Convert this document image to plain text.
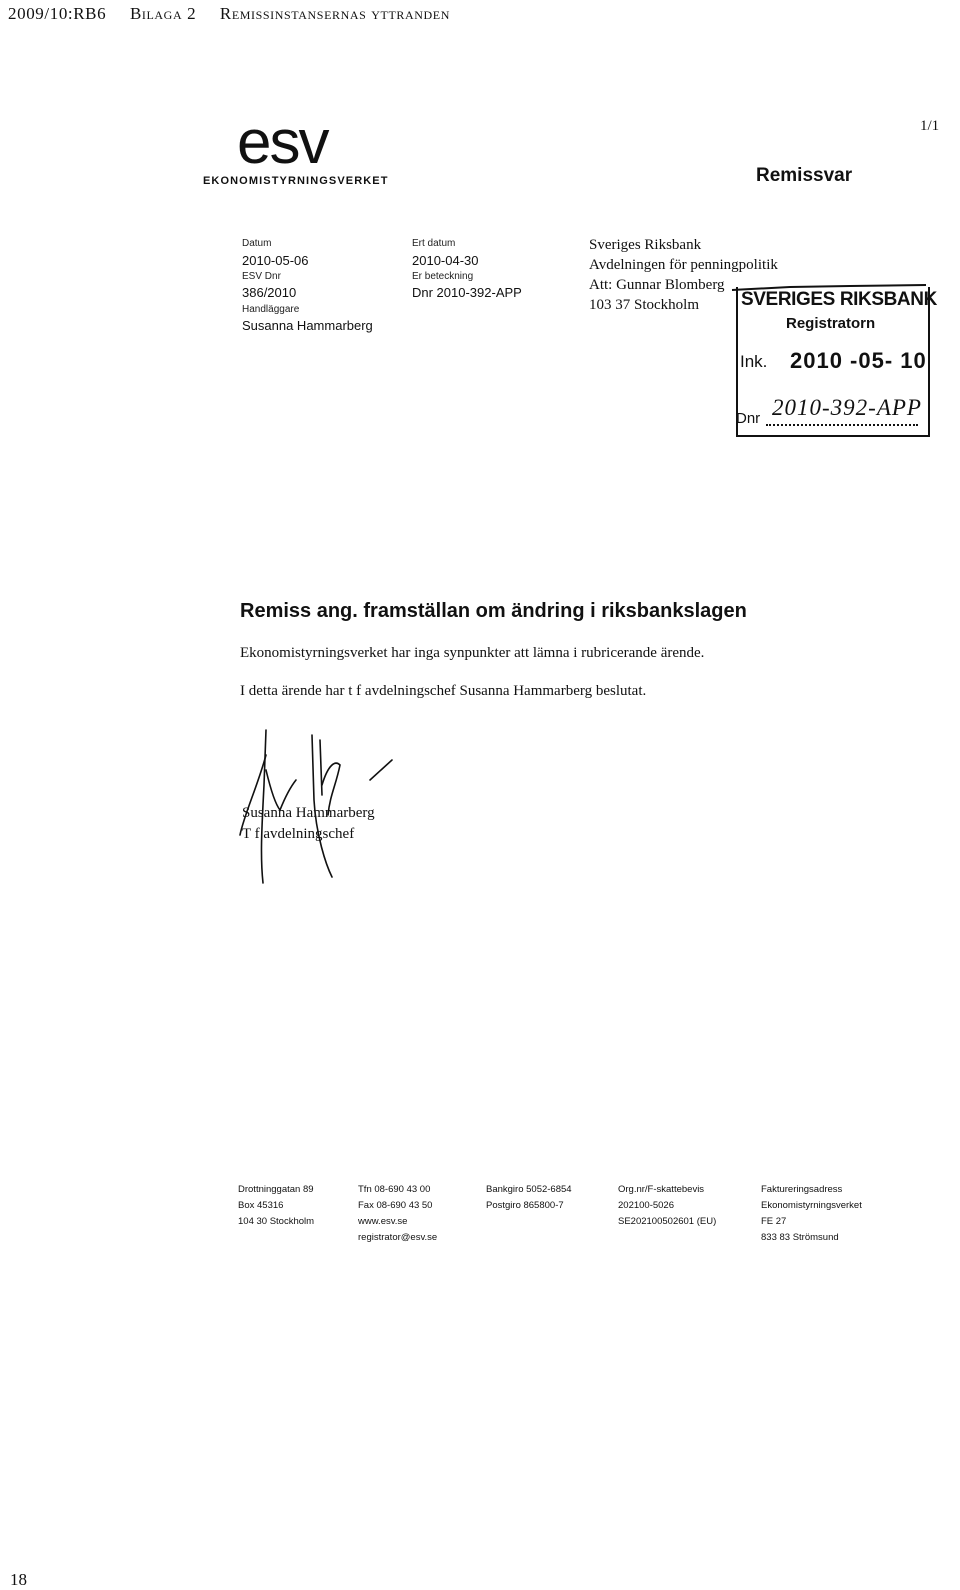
2009/10:RB6 Bilaga 2 Remissinstansernas yttranden
esv
EKONOMISTYRNINGSVERKET
1/1
Remissvar
Datum
2010-05-06
ESV Dnr
386/2010
Handläggare
Susanna Hammarberg
Ert datum
2010-04-30
Er beteckning
Dnr 2010-392-APP
Sveriges Riksbank
Avdelningen för penningpolitik
Att: Gunnar Blomberg
103 37 Stockholm SVERIGES RIKSBANK
Registratorn
Ink. 2010 -05- 10
Dnr 2010-392-APP
Remiss ang. framställan om ändring i riksbankslagen
Ekonomistyrningsverket har inga synpunkter att lämna i rubricerande ärende.
I detta ärende har t f avdelningschef Susanna Hammarberg beslutat.
Susanna Hammarberg
T f avdelningschef
Drottninggatan 89
Box 45316
104 30 Stockholm
Tfn 08-690 43 00
Fax 08-690 43 50
www.esv.se
registrator@esv.se
Bankgiro 5052-6854
Postgiro 865800-7
Org.nr/F-skattebevis
202100-5026
SE202100502601 (EU)
Faktureringsadress
Ekonomistyrningsverket
FE 27
833 83 Strömsund
18
